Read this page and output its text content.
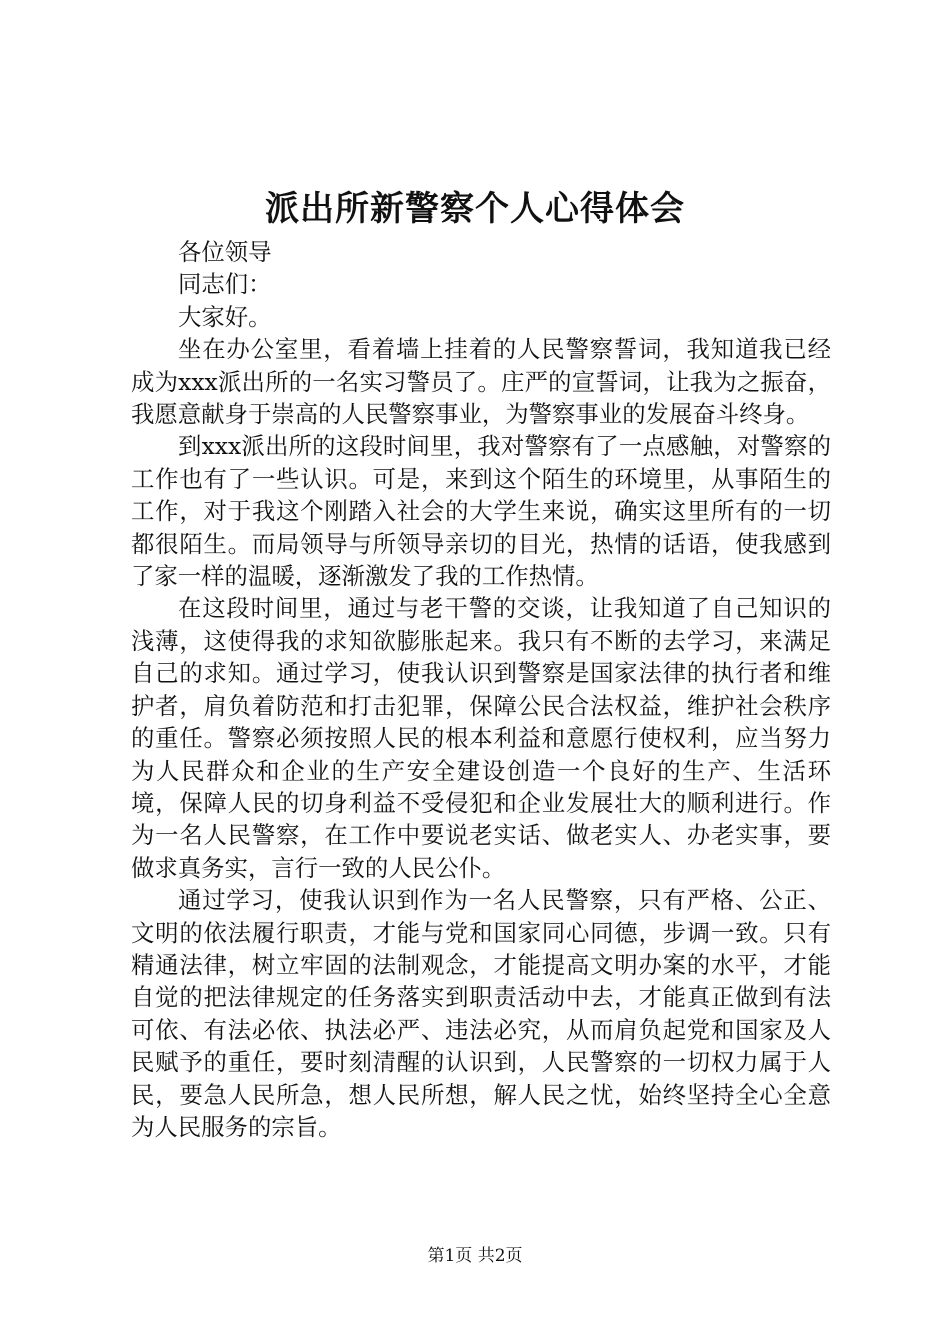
派出所新警察个人心得体会

各位领导

同志们：

大家好。

坐在办公室里，看着墙上挂着的人民警察誓词，我知道我已经成为xxx派出所的一名实习警员了。庄严的宣誓词，让我为之振奋，我愿意献身于崇高的人民警察事业，为警察事业的发展奋斗终身。

到xxx派出所的这段时间里，我对警察有了一点感触，对警察的工作也有了一些认识。可是，来到这个陌生的环境里，从事陌生的工作，对于我这个刚踏入社会的大学生来说，确实这里所有的一切都很陌生。而局领导与所领导亲切的目光，热情的话语，使我感到了家一样的温暖，逐渐激发了我的工作热情。

在这段时间里，通过与老干警的交谈，让我知道了自己知识的浅薄，这使得我的求知欲膨胀起来。我只有不断的去学习，来满足自己的求知。通过学习，使我认识到警察是国家法律的执行者和维护者，肩负着防范和打击犯罪，保障公民合法权益，维护社会秩序的重任。警察必须按照人民的根本利益和意愿行使权利，应当努力为人民群众和企业的生产安全建设创造一个良好的生产、生活环境，保障人民的切身利益不受侵犯和企业发展壮大的顺利进行。作为一名人民警察，在工作中要说老实话、做老实人、办老实事，要做求真务实，言行一致的人民公仆。

通过学习，使我认识到作为一名人民警察，只有严格、公正、文明的依法履行职责，才能与党和国家同心同德，步调一致。只有精通法律，树立牢固的法制观念，才能提高文明办案的水平，才能自觉的把法律规定的任务落实到职责活动中去，才能真正做到有法可依、有法必依、执法必严、违法必究，从而肩负起党和国家及人民赋予的重任，要时刻清醒的认识到，人民警察的一切权力属于人民，要急人民所急，想人民所想，解人民之忧，始终坚持全心全意为人民服务的宗旨。

第1页 共2页
